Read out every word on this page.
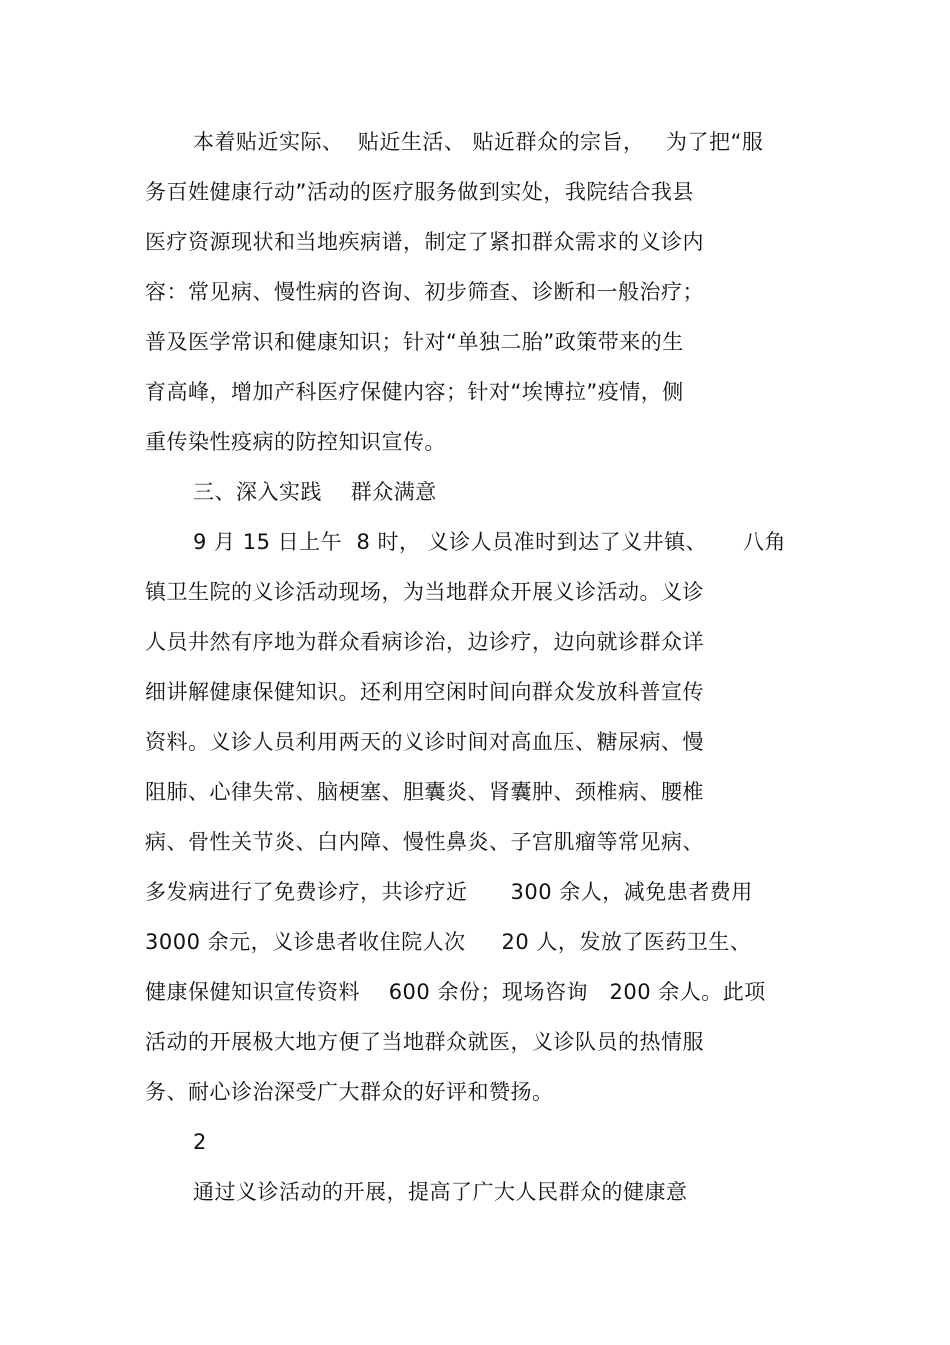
本着贴近实际、  贴近生活、 贴近群众的宗旨，   为了把“服
务百姓健康行动”活动的医疗服务做到实处，我院结合我县
医疗资源现状和当地疾病谱，制定了紧扣群众需求的义诊内
容：常见病、慢性病的咨询、初步筛查、诊断和一般治疗；
普及医学常识和健康知识；针对“单独二胎”政策带来的生
育高峰，增加产科医疗保健内容；针对“埃博拉”疫情，侧
重传染性疫病的防控知识宣传。
三、深入实践    群众满意
9 月 15 日上午  8 时， 义诊人员准时到达了义井镇、     八角
镇卫生院的义诊活动现场，为当地群众开展义诊活动。义诊
人员井然有序地为群众看病诊治，边诊疗，边向就诊群众详
细讲解健康保健知识。还利用空闲时间向群众发放科普宣传
资料。义诊人员利用两天的义诊时间对高血压、糖尿病、慢
阻肺、心律失常、脑梗塞、胆囊炎、肾囊肿、颈椎病、腰椎
病、骨性关节炎、白内障、慢性鼻炎、子宫肌瘤等常见病、
多发病进行了免费诊疗，共诊疗近      300 余人，减免患者费用
3000 余元，义诊患者收住院人次     20 人，发放了医药卫生、
健康保健知识宣传资料    600 余份；现场咨询   200 余人。此项
活动的开展极大地方便了当地群众就医，义诊队员的热情服
务、耐心诊治深受广大群众的好评和赞扬。
2
通过义诊活动的开展，提高了广大人民群众的健康意
